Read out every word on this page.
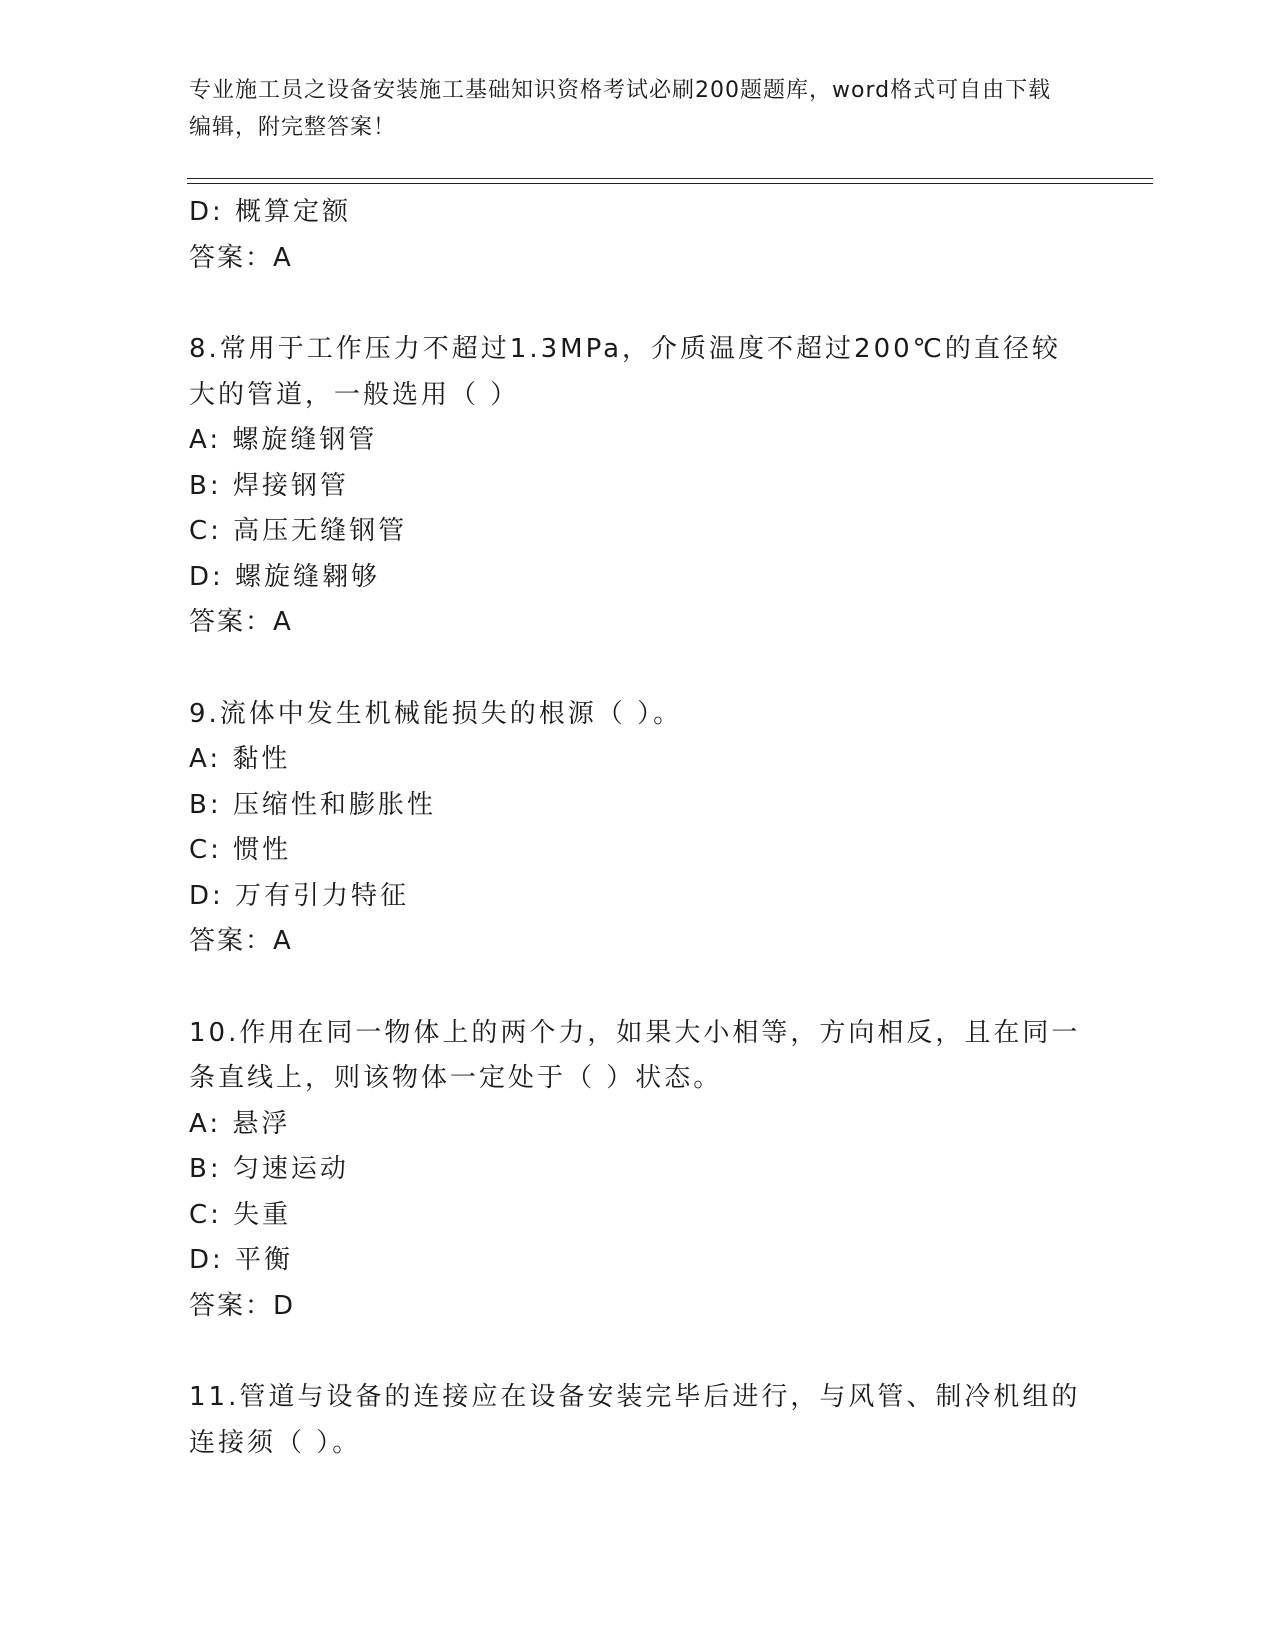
专业施工员之设备安装施工基础知识资格考试必刷200题题库，word格式可自由下载编辑，附完整答案！
D: 概算定额
答案：A
8.常用于工作压力不超过1.3MPa，介质温度不超过200℃的直径较大的管道，一般选用（ ）
A: 螺旋缝钢管
B: 焊接钢管
C: 高压无缝钢管
D: 螺旋缝翱够
答案：A
9.流体中发生机械能损失的根源（ ）。
A: 黏性
B: 压缩性和膨胀性
C: 惯性
D: 万有引力特征
答案：A
10.作用在同一物体上的两个力，如果大小相等，方向相反，且在同一条直线上，则该物体一定处于（ ）状态。
A: 悬浮
B: 匀速运动
C: 失重
D: 平衡
答案：D
11.管道与设备的连接应在设备安装完毕后进行，与风管、制冷机组的连接须（ ）。
